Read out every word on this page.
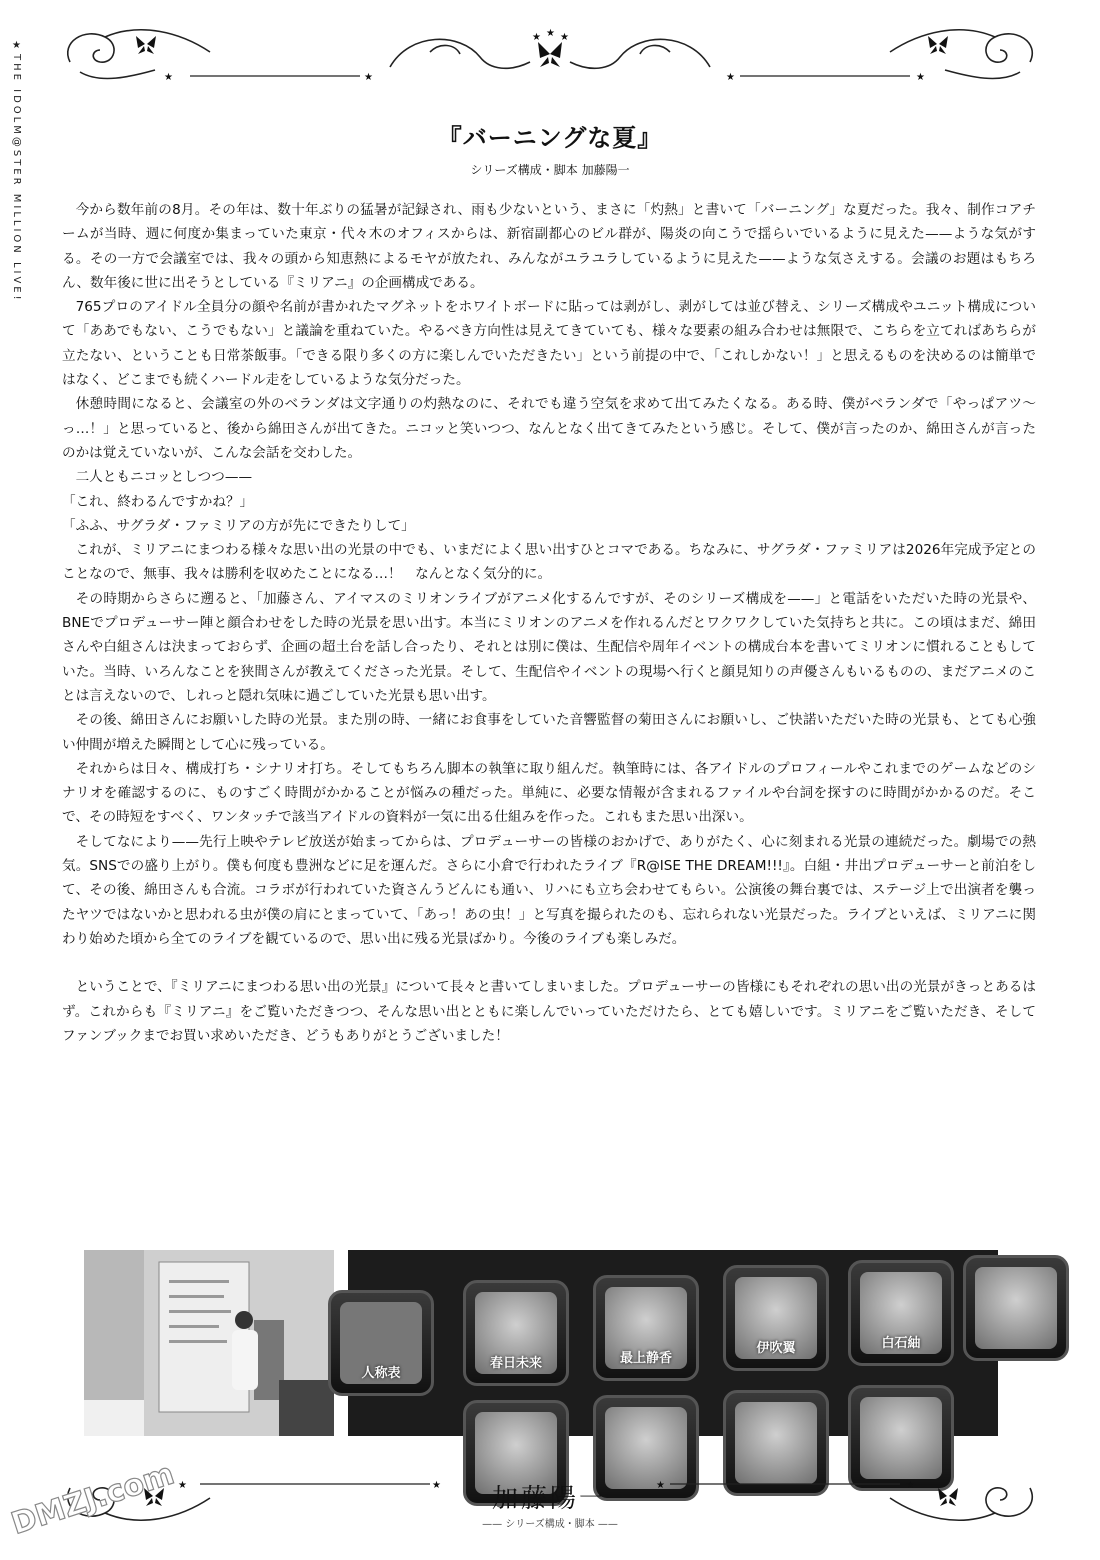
★THE IDOLM@STER MILLION LIVE!	★	★	★	★
★ ★ ★
『バーニングな夏』
シリーズ構成・脚本 加藤陽一

今から数年前の8月。その年は、数十年ぶりの猛暑が記録され、雨も少ないという、まさに「灼熱」と書いて「バーニング」な夏だった。我々、制作コアチームが当時、週に何度か集まっていた東京・代々木のオフィスからは、新宿副都心のビル群が、陽炎の向こうで揺らいでいるように見えた——ような気がする。その一方で会議室では、我々の頭から知恵熱によるモヤが放たれ、みんながユラユラしているように見えた——ような気さえする。会議のお題はもちろん、数年後に世に出そうとしている『ミリアニ』の企画構成である。

765プロのアイドル全員分の顔や名前が書かれたマグネットをホワイトボードに貼っては剥がし、剥がしては並び替え、シリーズ構成やユニット構成について「ああでもない、こうでもない」と議論を重ねていた。やるべき方向性は見えてきていても、様々な要素の組み合わせは無限で、こちらを立てればあちらが立たない、ということも日常茶飯事。「できる限り多くの方に楽しんでいただきたい」という前提の中で、「これしかない！」と思えるものを決めるのは簡単ではなく、どこまでも続くハードル走をしているような気分だった。

休憩時間になると、会議室の外のベランダは文字通りの灼熱なのに、それでも違う空気を求めて出てみたくなる。ある時、僕がベランダで「やっぱアツ〜っ…！」と思っていると、後から綿田さんが出てきた。ニコッと笑いつつ、なんとなく出てきてみたという感じ。そして、僕が言ったのか、綿田さんが言ったのかは覚えていないが、こんな会話を交わした。

二人ともニコッとしつつ——

「これ、終わるんですかね？」

「ふふ、サグラダ・ファミリアの方が先にできたりして」

これが、ミリアニにまつわる様々な思い出の光景の中でも、いまだによく思い出すひとコマである。ちなみに、サグラダ・ファミリアは2026年完成予定とのことなので、無事、我々は勝利を収めたことになる…！　なんとなく気分的に。

その時期からさらに遡ると、「加藤さん、アイマスのミリオンライブがアニメ化するんですが、そのシリーズ構成を——」と電話をいただいた時の光景や、BNEでプロデューサー陣と顔合わせをした時の光景を思い出す。本当にミリオンのアニメを作れるんだとワクワクしていた気持ちと共に。この頃はまだ、綿田さんや白組さんは決まっておらず、企画の超土台を話し合ったり、それとは別に僕は、生配信や周年イベントの構成台本を書いてミリオンに慣れることもしていた。当時、いろんなことを狭間さんが教えてくださった光景。そして、生配信やイベントの現場へ行くと顔見知りの声優さんもいるものの、まだアニメのことは言えないので、しれっと隠れ気味に過ごしていた光景も思い出す。

その後、綿田さんにお願いした時の光景。また別の時、一緒にお食事をしていた音響監督の菊田さんにお願いし、ご快諾いただいた時の光景も、とても心強い仲間が増えた瞬間として心に残っている。

それからは日々、構成打ち・シナリオ打ち。そしてもちろん脚本の執筆に取り組んだ。執筆時には、各アイドルのプロフィールやこれまでのゲームなどのシナリオを確認するのに、ものすごく時間がかかることが悩みの種だった。単純に、必要な情報が含まれるファイルや台詞を探すのに時間がかかるのだ。そこで、その時短をすべく、ワンタッチで該当アイドルの資料が一気に出る仕組みを作った。これもまた思い出深い。

そしてなにより——先行上映やテレビ放送が始まってからは、プロデューサーの皆様のおかげで、ありがたく、心に刻まれる光景の連続だった。劇場での熱気。SNSでの盛り上がり。僕も何度も豊洲などに足を運んだ。さらに小倉で行われたライブ『R@ISE THE DREAM!!!』。白組・井出プロデューサーと前泊をして、その後、綿田さんも合流。コラボが行われていた資さんうどんにも通い、リハにも立ち会わせてもらい。公演後の舞台裏では、ステージ上で出演者を襲ったヤツではないかと思われる虫が僕の肩にとまっていて、「あっ！あの虫！」と写真を撮られたのも、忘れられない光景だった。ライブといえば、ミリアニに関わり始めた頃から全てのライブを観ているので、思い出に残る光景ばかり。今後のライブも楽しみだ。

ということで、『ミリアニにまつわる思い出の光景』について長々と書いてしまいました。プロデューサーの皆様にもそれぞれの思い出の光景がきっとあるはず。これからも『ミリアニ』をご覧いただきつつ、そんな思い出とともに楽しんでいっていただけたら、とても嬉しいです。ミリアニをご覧いただき、そしてファンブックまでお買い求めいただき、どうもありがとうございました！

人称表
春日未来	最上静香
伊吹翼	白石紬
★	★	★	★
加藤陽一
—— シリーズ構成・脚本 ——
DMZJ.com
